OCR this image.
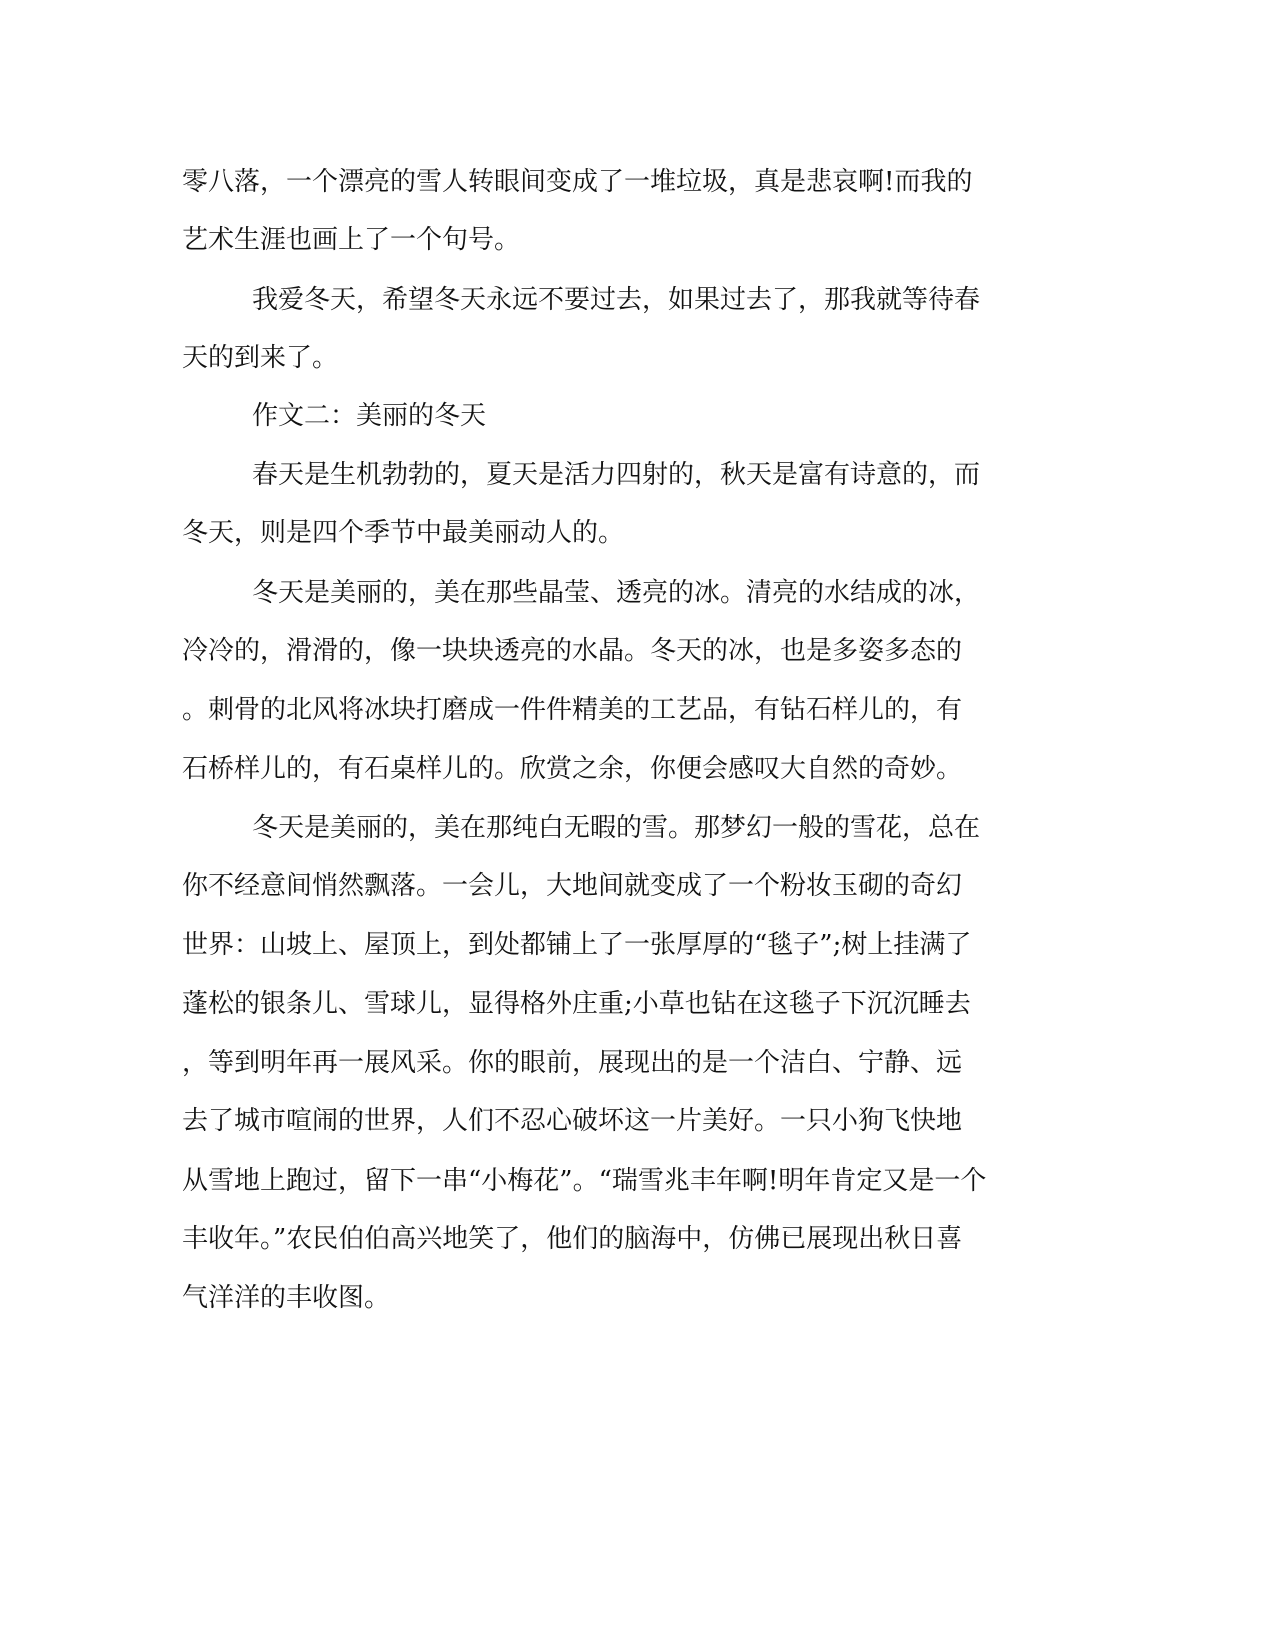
零八落，一个漂亮的雪人转眼间变成了一堆垃圾，真是悲哀啊!而我的

艺术生涯也画上了一个句号。

我爱冬天，希望冬天永远不要过去，如果过去了，那我就等待春

天的到来了。

作文二：美丽的冬天

春天是生机勃勃的，夏天是活力四射的，秋天是富有诗意的，而

冬天，则是四个季节中最美丽动人的。

冬天是美丽的，美在那些晶莹、透亮的冰。清亮的水结成的冰，

冷冷的，滑滑的，像一块块透亮的水晶。冬天的冰，也是多姿多态的

。刺骨的北风将冰块打磨成一件件精美的工艺品，有钻石样儿的，有

石桥样儿的，有石桌样儿的。欣赏之余，你便会感叹大自然的奇妙。

冬天是美丽的，美在那纯白无暇的雪。那梦幻一般的雪花，总在

你不经意间悄然飘落。一会儿，大地间就变成了一个粉妆玉砌的奇幻

世界：山坡上、屋顶上，到处都铺上了一张厚厚的“毯子”;树上挂满了

蓬松的银条儿、雪球儿，显得格外庄重;小草也钻在这毯子下沉沉睡去

，等到明年再一展风采。你的眼前，展现出的是一个洁白、宁静、远

去了城市喧闹的世界，人们不忍心破坏这一片美好。一只小狗飞快地

从雪地上跑过，留下一串“小梅花”。“瑞雪兆丰年啊!明年肯定又是一个

丰收年。”农民伯伯高兴地笑了，他们的脑海中，仿佛已展现出秋日喜

气洋洋的丰收图。
